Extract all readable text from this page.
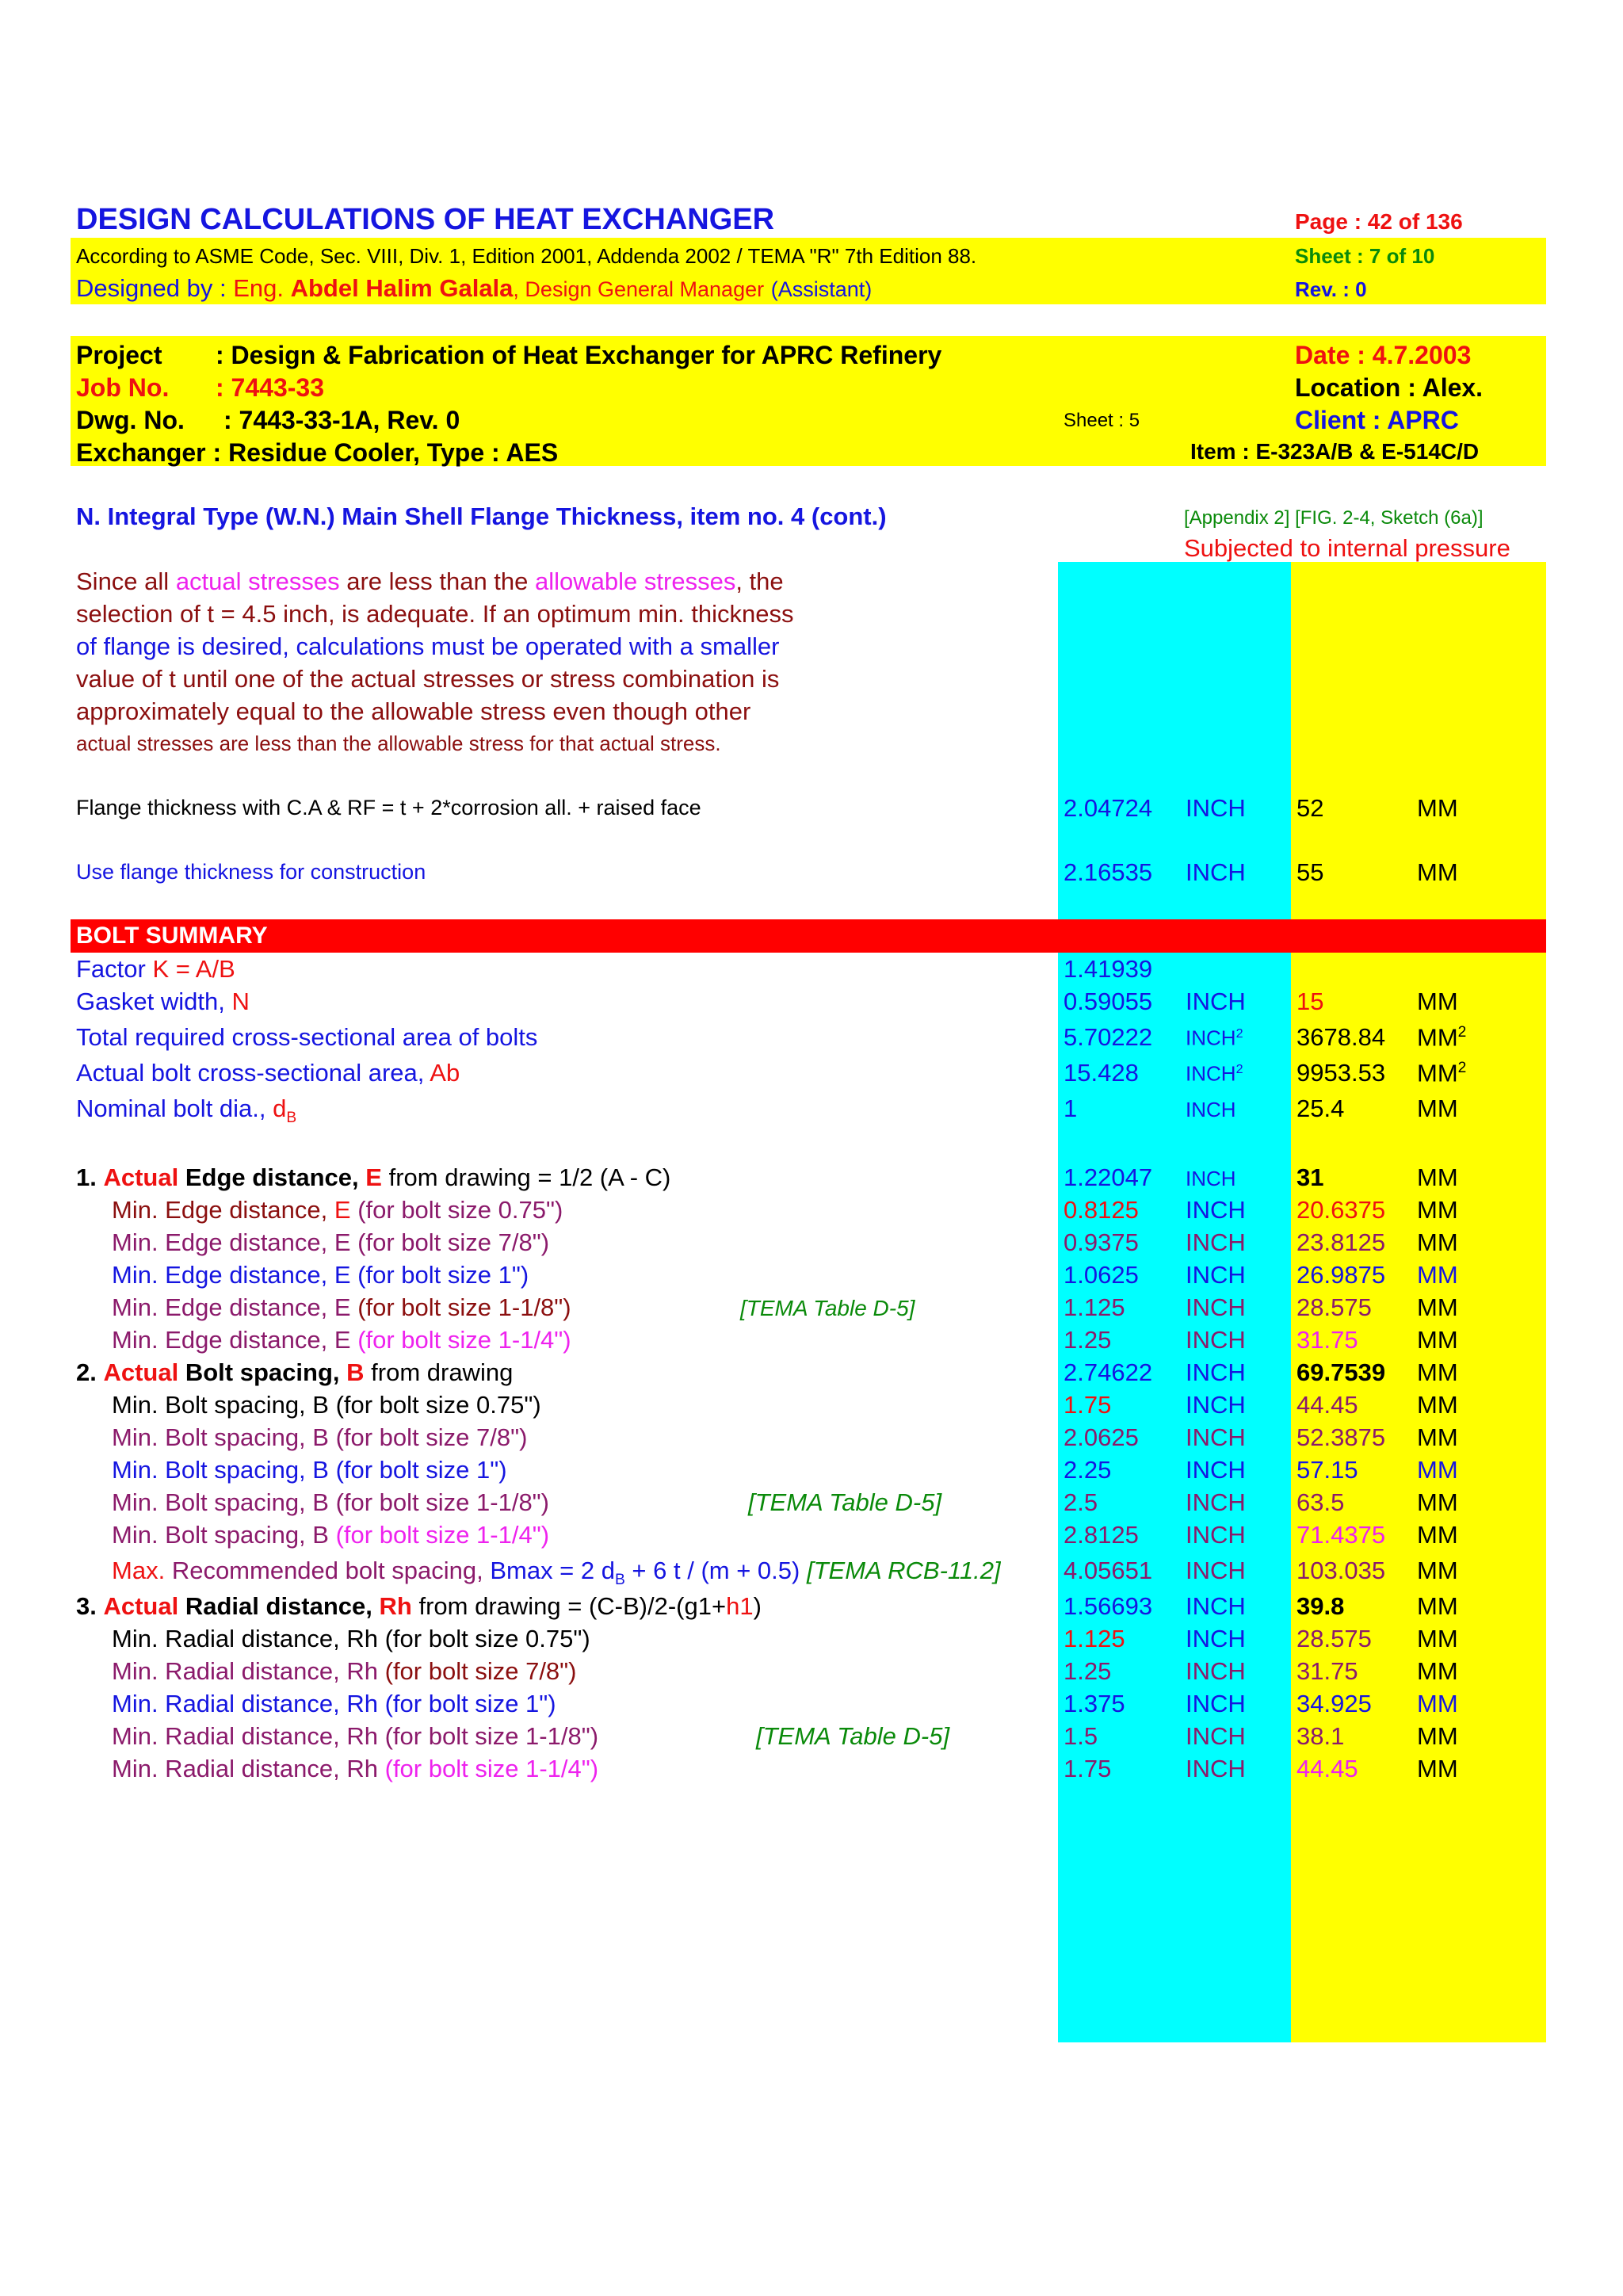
DESIGN CALCULATIONS OF HEAT EXCHANGER	Page : 42 of 136
According to ASME Code, Sec. VIII, Div. 1, Edition 2001, Addenda 2002 / TEMA "R" 7th Edition 88.	Sheet : 7 of 10
Designed by : Eng. Abdel Halim Galala, Design General Manager (Assistant)	Rev. : 0
Project : Design & Fabrication of Heat Exchanger for APRC Refinery	Date : 4.7.2003
Job No. : 7443-33	Location : Alex.
Dwg. No. : 7443-33-1A, Rev. 0	Sheet : 5	Client : APRC
Exchanger : Residue Cooler, Type : AES	Item : E-323A/B & E-514C/D
N. Integral Type (W.N.) Main Shell Flange Thickness, item no. 4 (cont.)	[Appendix 2] [FIG. 2-4, Sketch (6a)]
Subjected to internal pressure
Since all actual stresses are less than the allowable stresses, the
selection of t = 4.5 inch, is adequate. If an optimum min. thickness
of flange is desired, calculations must be operated with a smaller
value of t until one of the actual stresses or stress combination is
approximately equal to the allowable stress even though other
actual stresses are less than the allowable stress for that actual stress.
Flange thickness with C.A & RF = t + 2*corrosion all. + raised face	2.04724 INCH 52	MM
Use flange thickness for construction	2.16535 INCH 55	MM
BOLT SUMMARY
Factor K = A/B	1.41939
Gasket width, N	0.59055 INCH 15	MM
Total required cross-sectional area of bolts	5.70222 INCH$^2$ 3678.84 $MM^2$
Actual bolt cross-sectional area, Ab	15.428 INCH$^2$ 9953.53 $MM^2$
Nominal bolt dia., $d_B$	1	INCH 25.4	MM
1. Actual Edge distance, E from drawing = 1/2 (A - C)	1.22047 INCH 31	MM
Min. Edge distance, E (for bolt size 0.75")	0.8125 INCH 20.6375 MM
Min. Edge distance, E (for bolt size 7/8")	0.9375 INCH 23.8125 MM
Min. Edge distance, E (for bolt size 1")	1.0625 INCH 26.9875 MM
Min. Edge distance, E (for bolt size 1-1/8")	[TEMA Table D-5]	1.125 INCH 28.575 MM
Min. Edge distance, E (for bolt size 1-1/4")	1.25	INCH 31.75 MM
2. Actual Bolt spacing, B from drawing	2.74622 INCH 69.7539 MM
Min. Bolt spacing, B (for bolt size 0.75")	1.75	INCH 44.45 MM
Min. Bolt spacing, B (for bolt size 7/8")	2.0625 INCH 52.3875 MM
Min. Bolt spacing, B (for bolt size 1")	2.25	INCH 57.15 MM
Min. Bolt spacing, B (for bolt size 1-1/8")	[TEMA Table D-5]	2.5	INCH 63.5	MM
Min. Bolt spacing, B (for bolt size 1-1/4")	2.8125 INCH 71.4375 MM
Max. Recommended bolt spacing, Bmax = 2 $d_B + 6$ t / (m + 0.5) [TEMA RCB-11.2]	4.05651 INCH 103.035 MM
3. Actual Radial distance, Rh from drawing = (C-B)/2-(g1+h1)	1.56693 INCH 39.8	MM
Min. Radial distance, Rh (for bolt size 0.75")	1.125 INCH 28.575 MM
Min. Radial distance, Rh (for bolt size 7/8")	1.25	INCH 31.75 MM
Min. Radial distance, Rh (for bolt size 1")	1.375 INCH 34.925 MM
Min. Radial distance, Rh (for bolt size 1-1/8")	[TEMA Table D-5]	1.5	INCH 38.1	MM
Min. Radial distance, Rh (for bolt size 1-1/4")	1.75	INCH 44.45 MM
